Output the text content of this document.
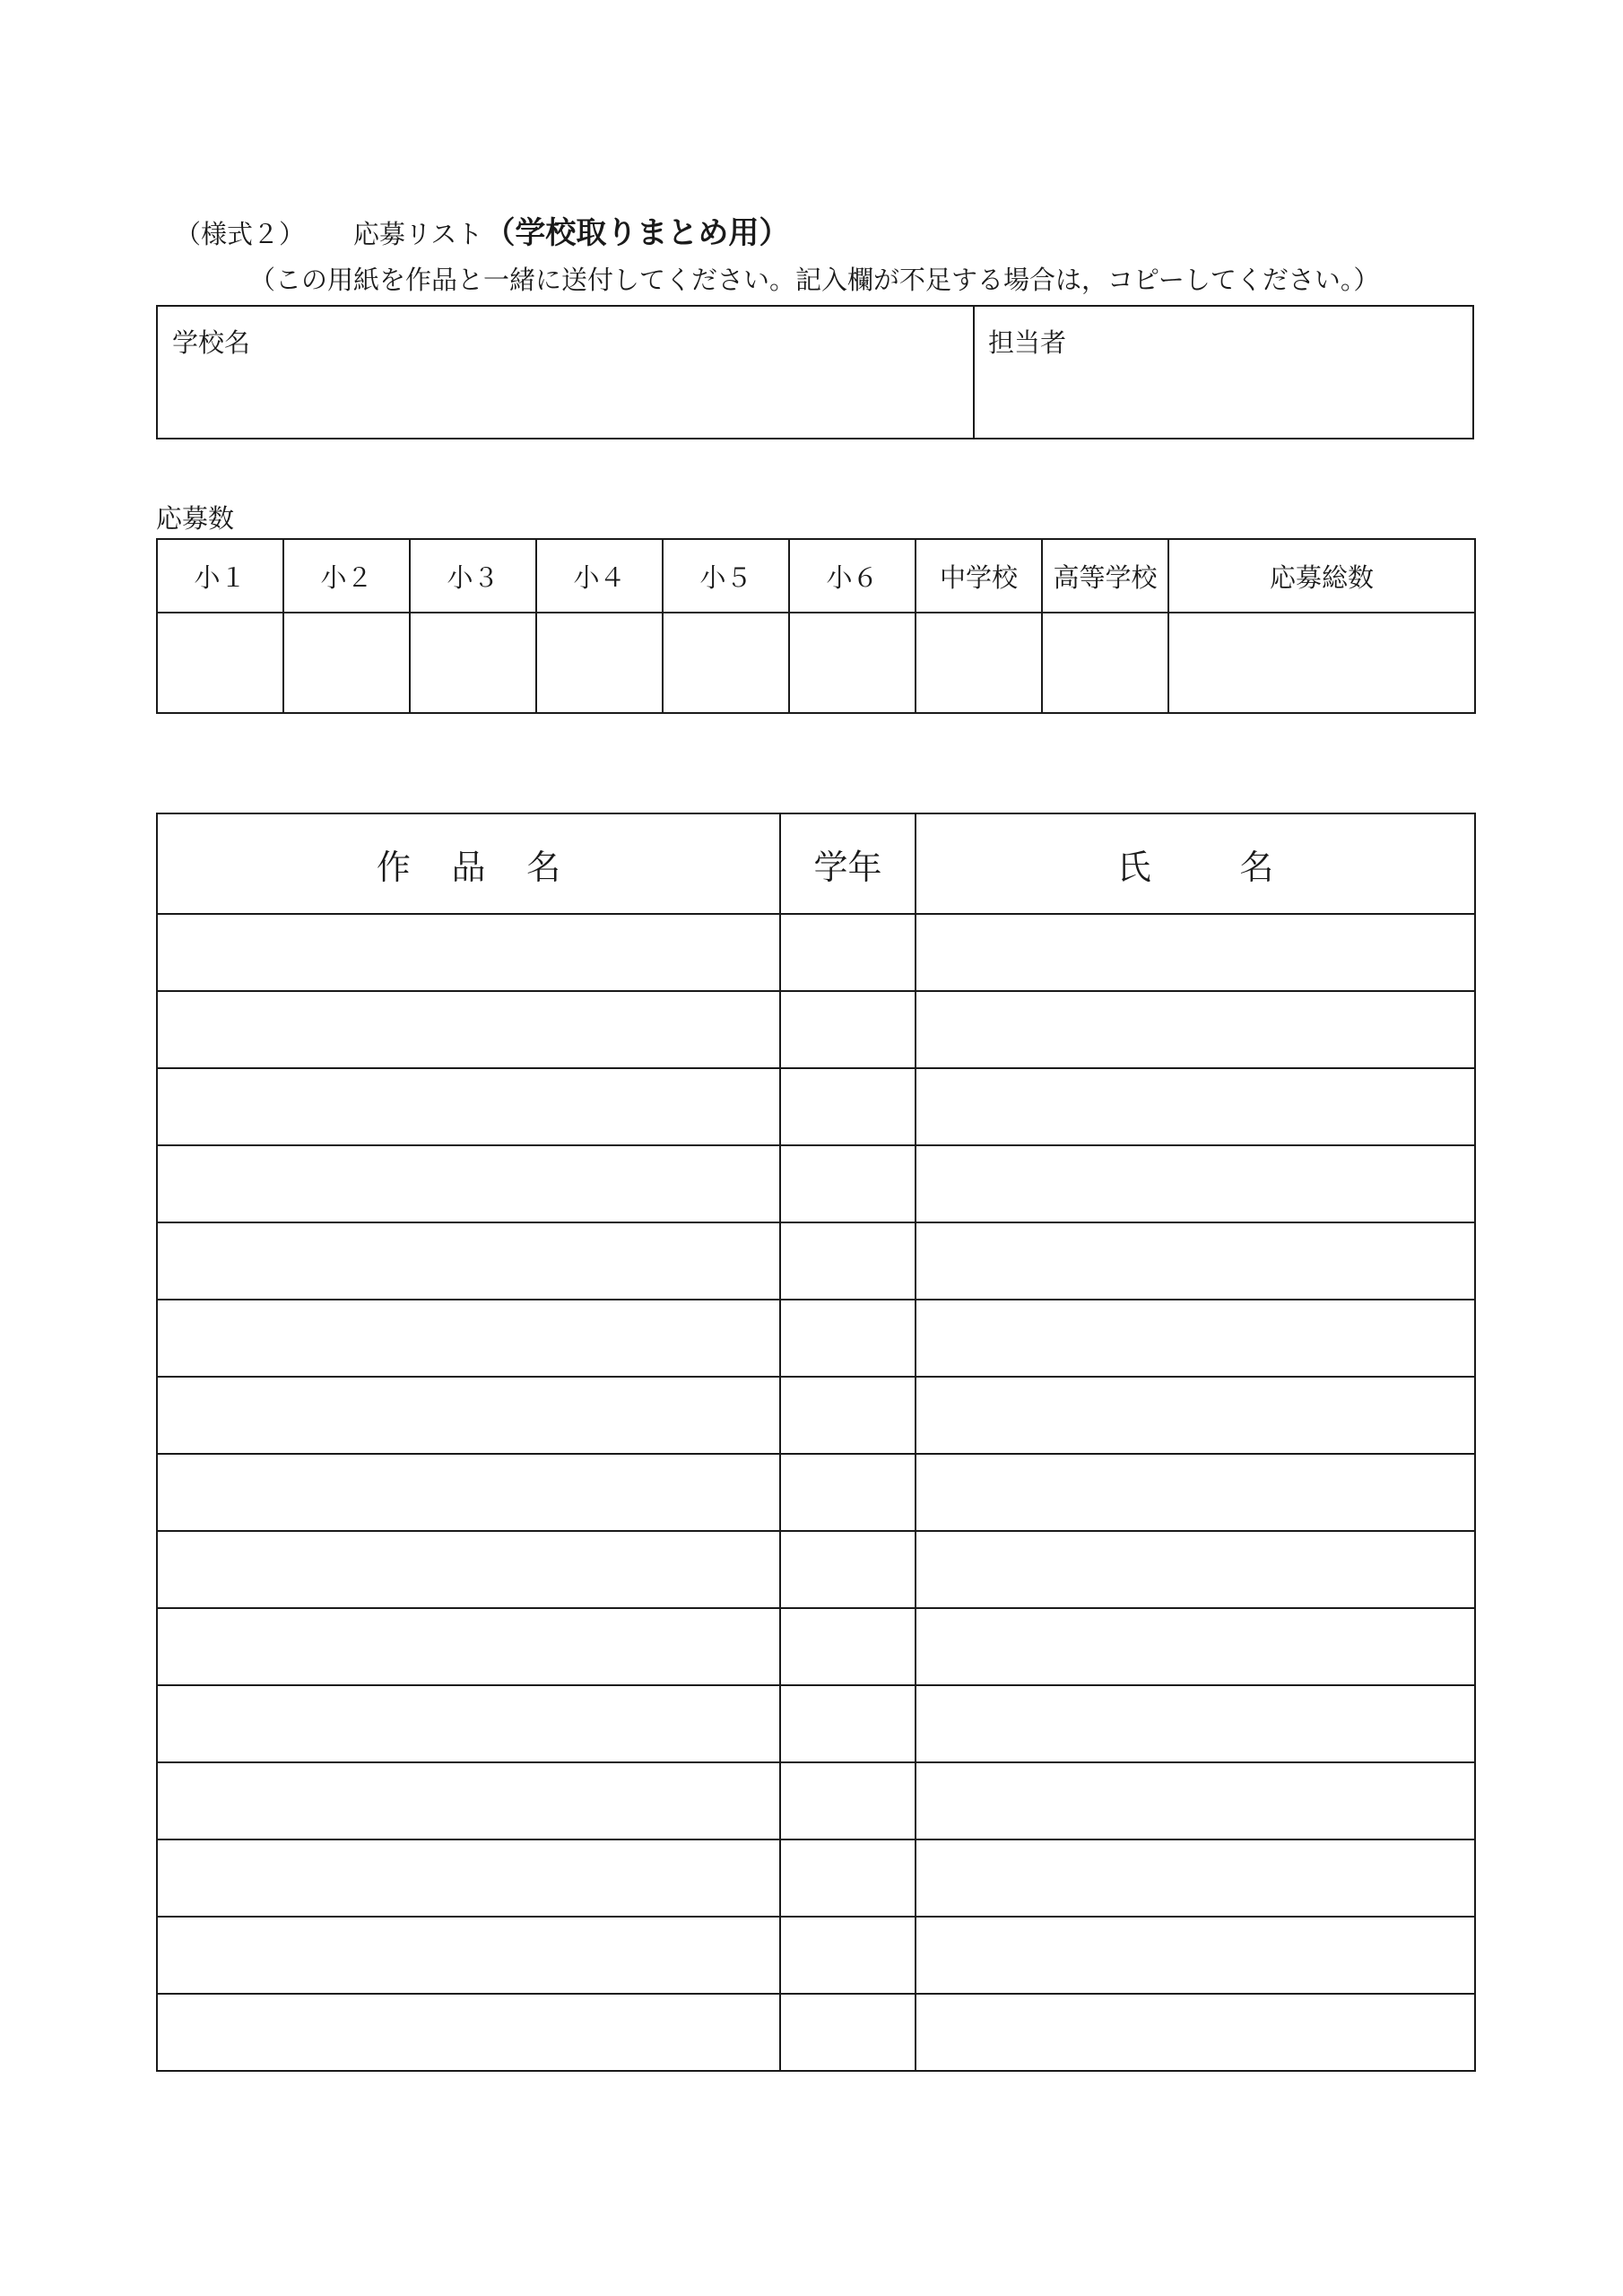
（様式２） 応募リスト （学校取りまとめ用）
（この用紙を作品と一緒に送付してください。記入欄が不足する場合は，コピーしてください。）
学校名	担当者
応募数
小１	小２	小３	小４	小５	小６	中学校	高等学校	応募総数

作品名	学年	氏名
